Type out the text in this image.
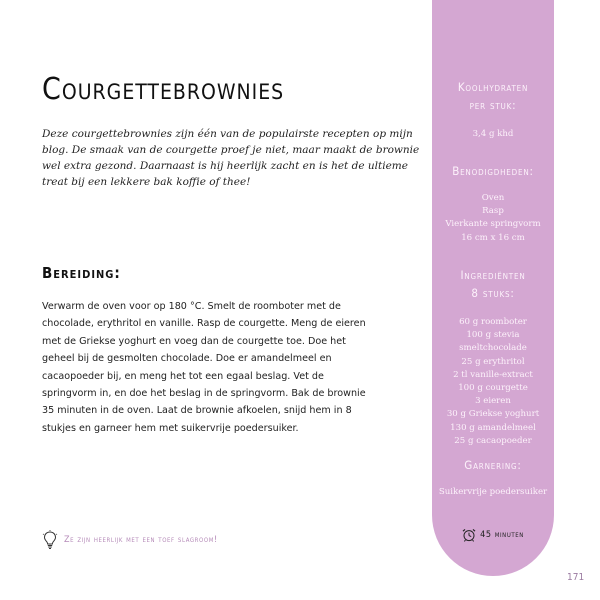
Courgettebrownies

Deze courgettebrownies zijn één van de populairste recepten op mijn blog. De smaak van de courgette proef je niet, maar maakt de brownie wel extra gezond. Daarnaast is hij heerlijk zacht en is het de ultieme treat bij een lekkere bak koffie of thee!

Bereiding:

Verwarm de oven voor op 180 °C. Smelt de roomboter met de chocolade, erythritol en vanille. Rasp de courgette. Meng de eieren met de Griekse yoghurt en voeg dan de courgette toe. Doe het geheel bij de gesmolten chocolade. Doe er amandelmeel en cacaopoeder bij, en meng het tot een egaal beslag. Vet de springvorm in, en doe het beslag in de springvorm. Bak de brownie 35 minuten in de oven. Laat de brownie afkoelen, snijd hem in 8 stukjes en garneer hem met suikervrije poedersuiker.

Ze zijn heerlijk met een toef slagroom!
Koolhydraten
per stuk:
3,4 g khd
Benodigdheden:
Oven
Rasp
Vierkante springvorm
16 cm x 16 cm
Ingrediënten
8 stuks:
60 g roomboter
100 g stevia smeltchocolade
25 g erythritol
2 tl vanille-extract
100 g courgette
3 eieren
30 g Griekse yoghurt
130 g amandelmeel
25 g cacaopoeder
Garnering:
Suikervrije poedersuiker
45 minuten
171
